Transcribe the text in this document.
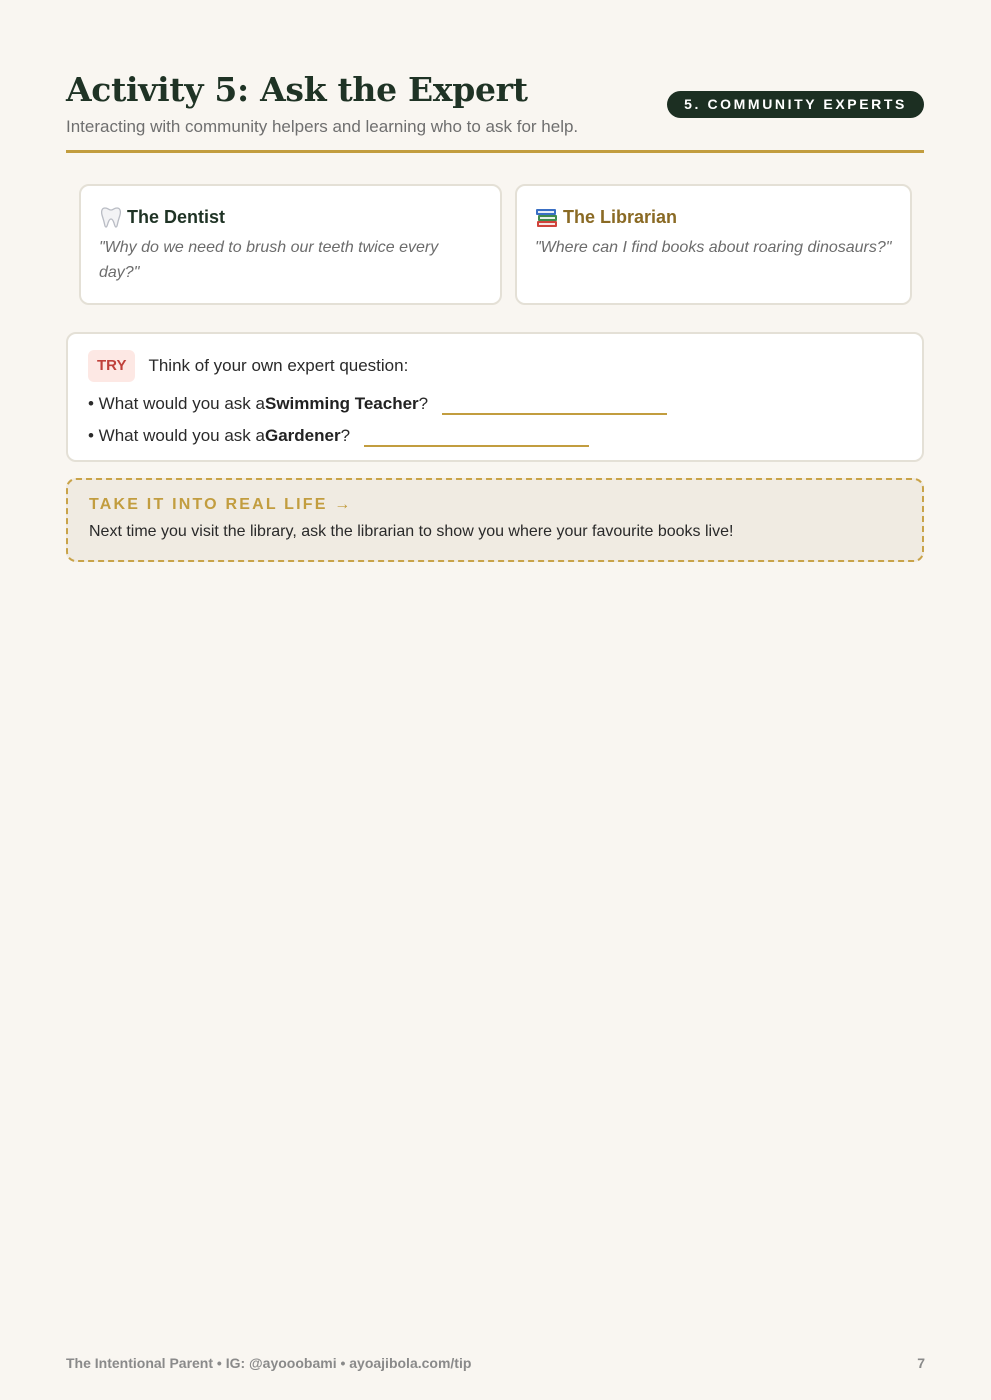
Activity 5: Ask the Expert
Interacting with community helpers and learning who to ask for help.
5. COMMUNITY EXPERTS
The Dentist
"Why do we need to brush our teeth twice every day?"
The Librarian
"Where can I find books about roaring dinosaurs?"
TRY	Think of your own expert question:
• What would you ask a Swimming Teacher ?
• What would you ask a Gardener ?
TAKE IT INTO REAL LIFE →
Next time you visit the library, ask the librarian to show you where your favourite books live!
The Intentional Parent • IG: @ayooobami • ayoajibola.com/tip	7
